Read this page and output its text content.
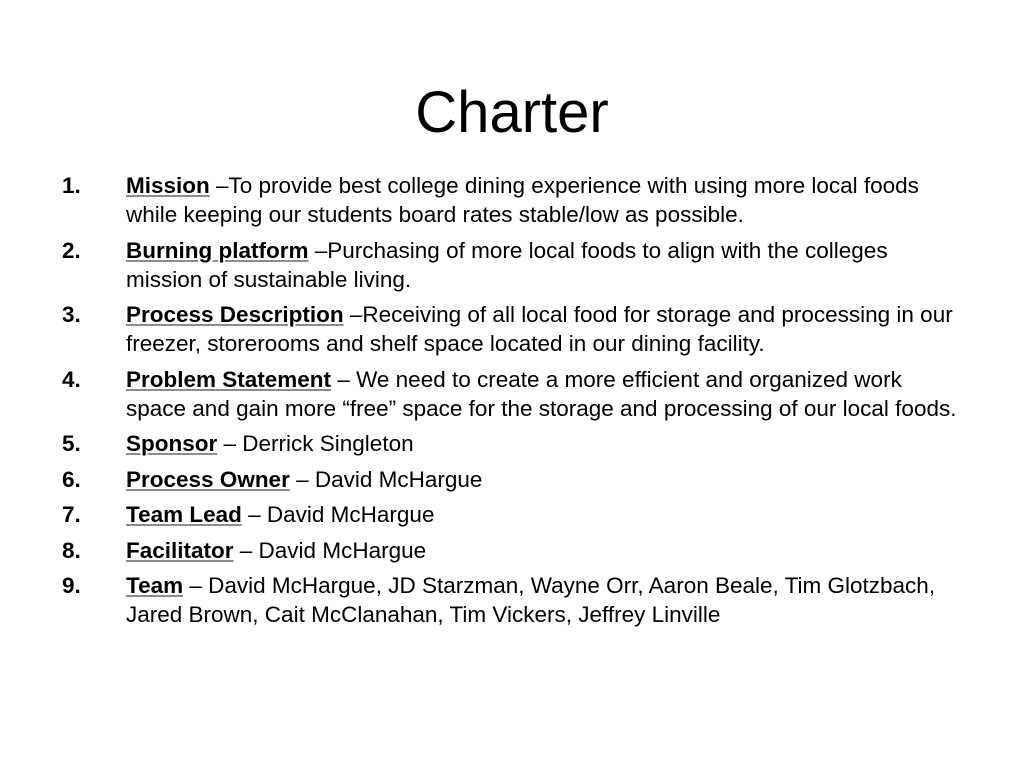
Charter
1. Mission –To provide best college dining experience with using more local foods while keeping our students board rates stable/low as possible.
2. Burning platform –Purchasing of more local foods to align with the colleges mission of sustainable living.
3. Process Description –Receiving of all local food for storage and processing in our freezer, storerooms and shelf space located in our dining facility.
4. Problem Statement – We need to create a more efficient and organized work space and gain more “free” space for the storage and processing of our local foods.
5. Sponsor – Derrick Singleton
6. Process Owner – David McHargue
7. Team Lead – David McHargue
8. Facilitator – David McHargue
9. Team – David McHargue, JD Starzman, Wayne Orr, Aaron Beale, Tim Glotzbach, Jared Brown, Cait McClanahan, Tim Vickers, Jeffrey Linville
